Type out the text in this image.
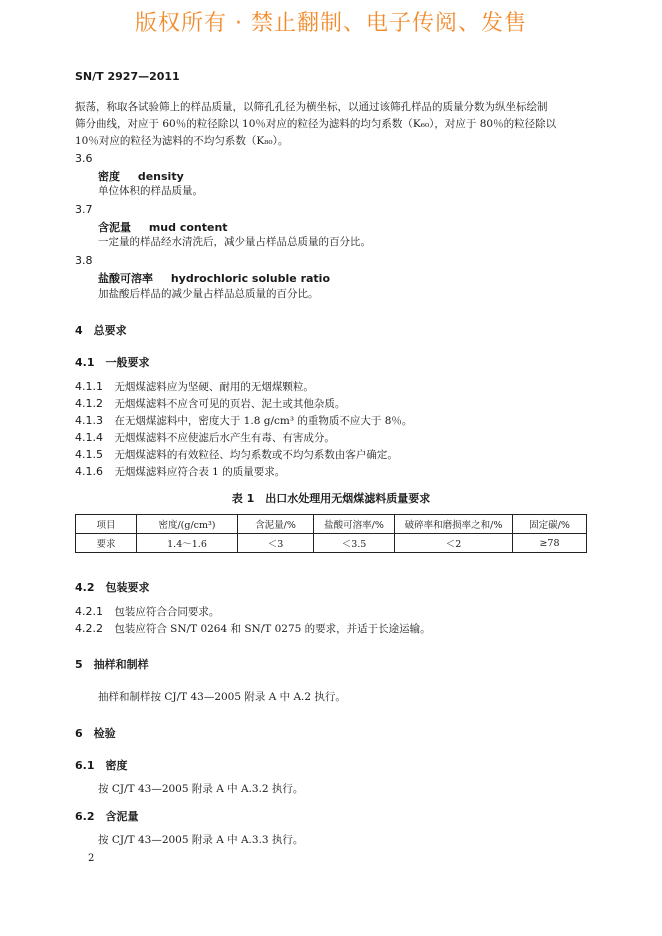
版权所有 · 禁止翻制、电子传阅、发售
SN/T 2927—2011
振荡，称取各试验筛上的样品质量，以筛孔孔径为横坐标，以通过该筛孔样品的质量分数为纵坐标绘制
筛分曲线，对应于 60％的粒径除以 10％对应的粒径为滤料的均匀系数（K₆₀），对应于 80％的粒径除以
10％对应的粒径为滤料的不均匀系数（K₈₀）。
3.6
密度 density
单位体积的样品质量。
3.7
含泥量 mud content
一定量的样品经水清洗后，减少量占样品总质量的百分比。
3.8
盐酸可溶率 hydrochloric soluble ratio
加盐酸后样品的减少量占样品总质量的百分比。
4　总要求
4.1　一般要求
4.1.1 无烟煤滤料应为坚硬、耐用的无烟煤颗粒。
4.1.2 无烟煤滤料不应含可见的页岩、泥土或其他杂质。
4.1.3 在无烟煤滤料中，密度大于 1.8 g/cm³ 的重物质不应大于 8％。
4.1.4 无烟煤滤料不应使滤后水产生有毒、有害成分。
4.1.5 无烟煤滤料的有效粒径、均匀系数或不均匀系数由客户确定。
4.1.6 无烟煤滤料应符合表 1 的质量要求。
表 1　出口水处理用无烟煤滤料质量要求
项目	密度/(g/cm³)	含泥量/%	盐酸可溶率/%	破碎率和磨损率之和/%	固定碳/%
要求	1.4～1.6	＜3	＜3.5	＜2	≥78
4.2　包装要求
4.2.1 包装应符合合同要求。
4.2.2 包装应符合 SN/T 0264 和 SN/T 0275 的要求，并适于长途运输。
5　抽样和制样
抽样和制样按 CJ/T 43—2005 附录 A 中 A.2 执行。
6　检验
6.1　密度
按 CJ/T 43—2005 附录 A 中 A.3.2 执行。
6.2　含泥量
按 CJ/T 43—2005 附录 A 中 A.3.3 执行。
2
